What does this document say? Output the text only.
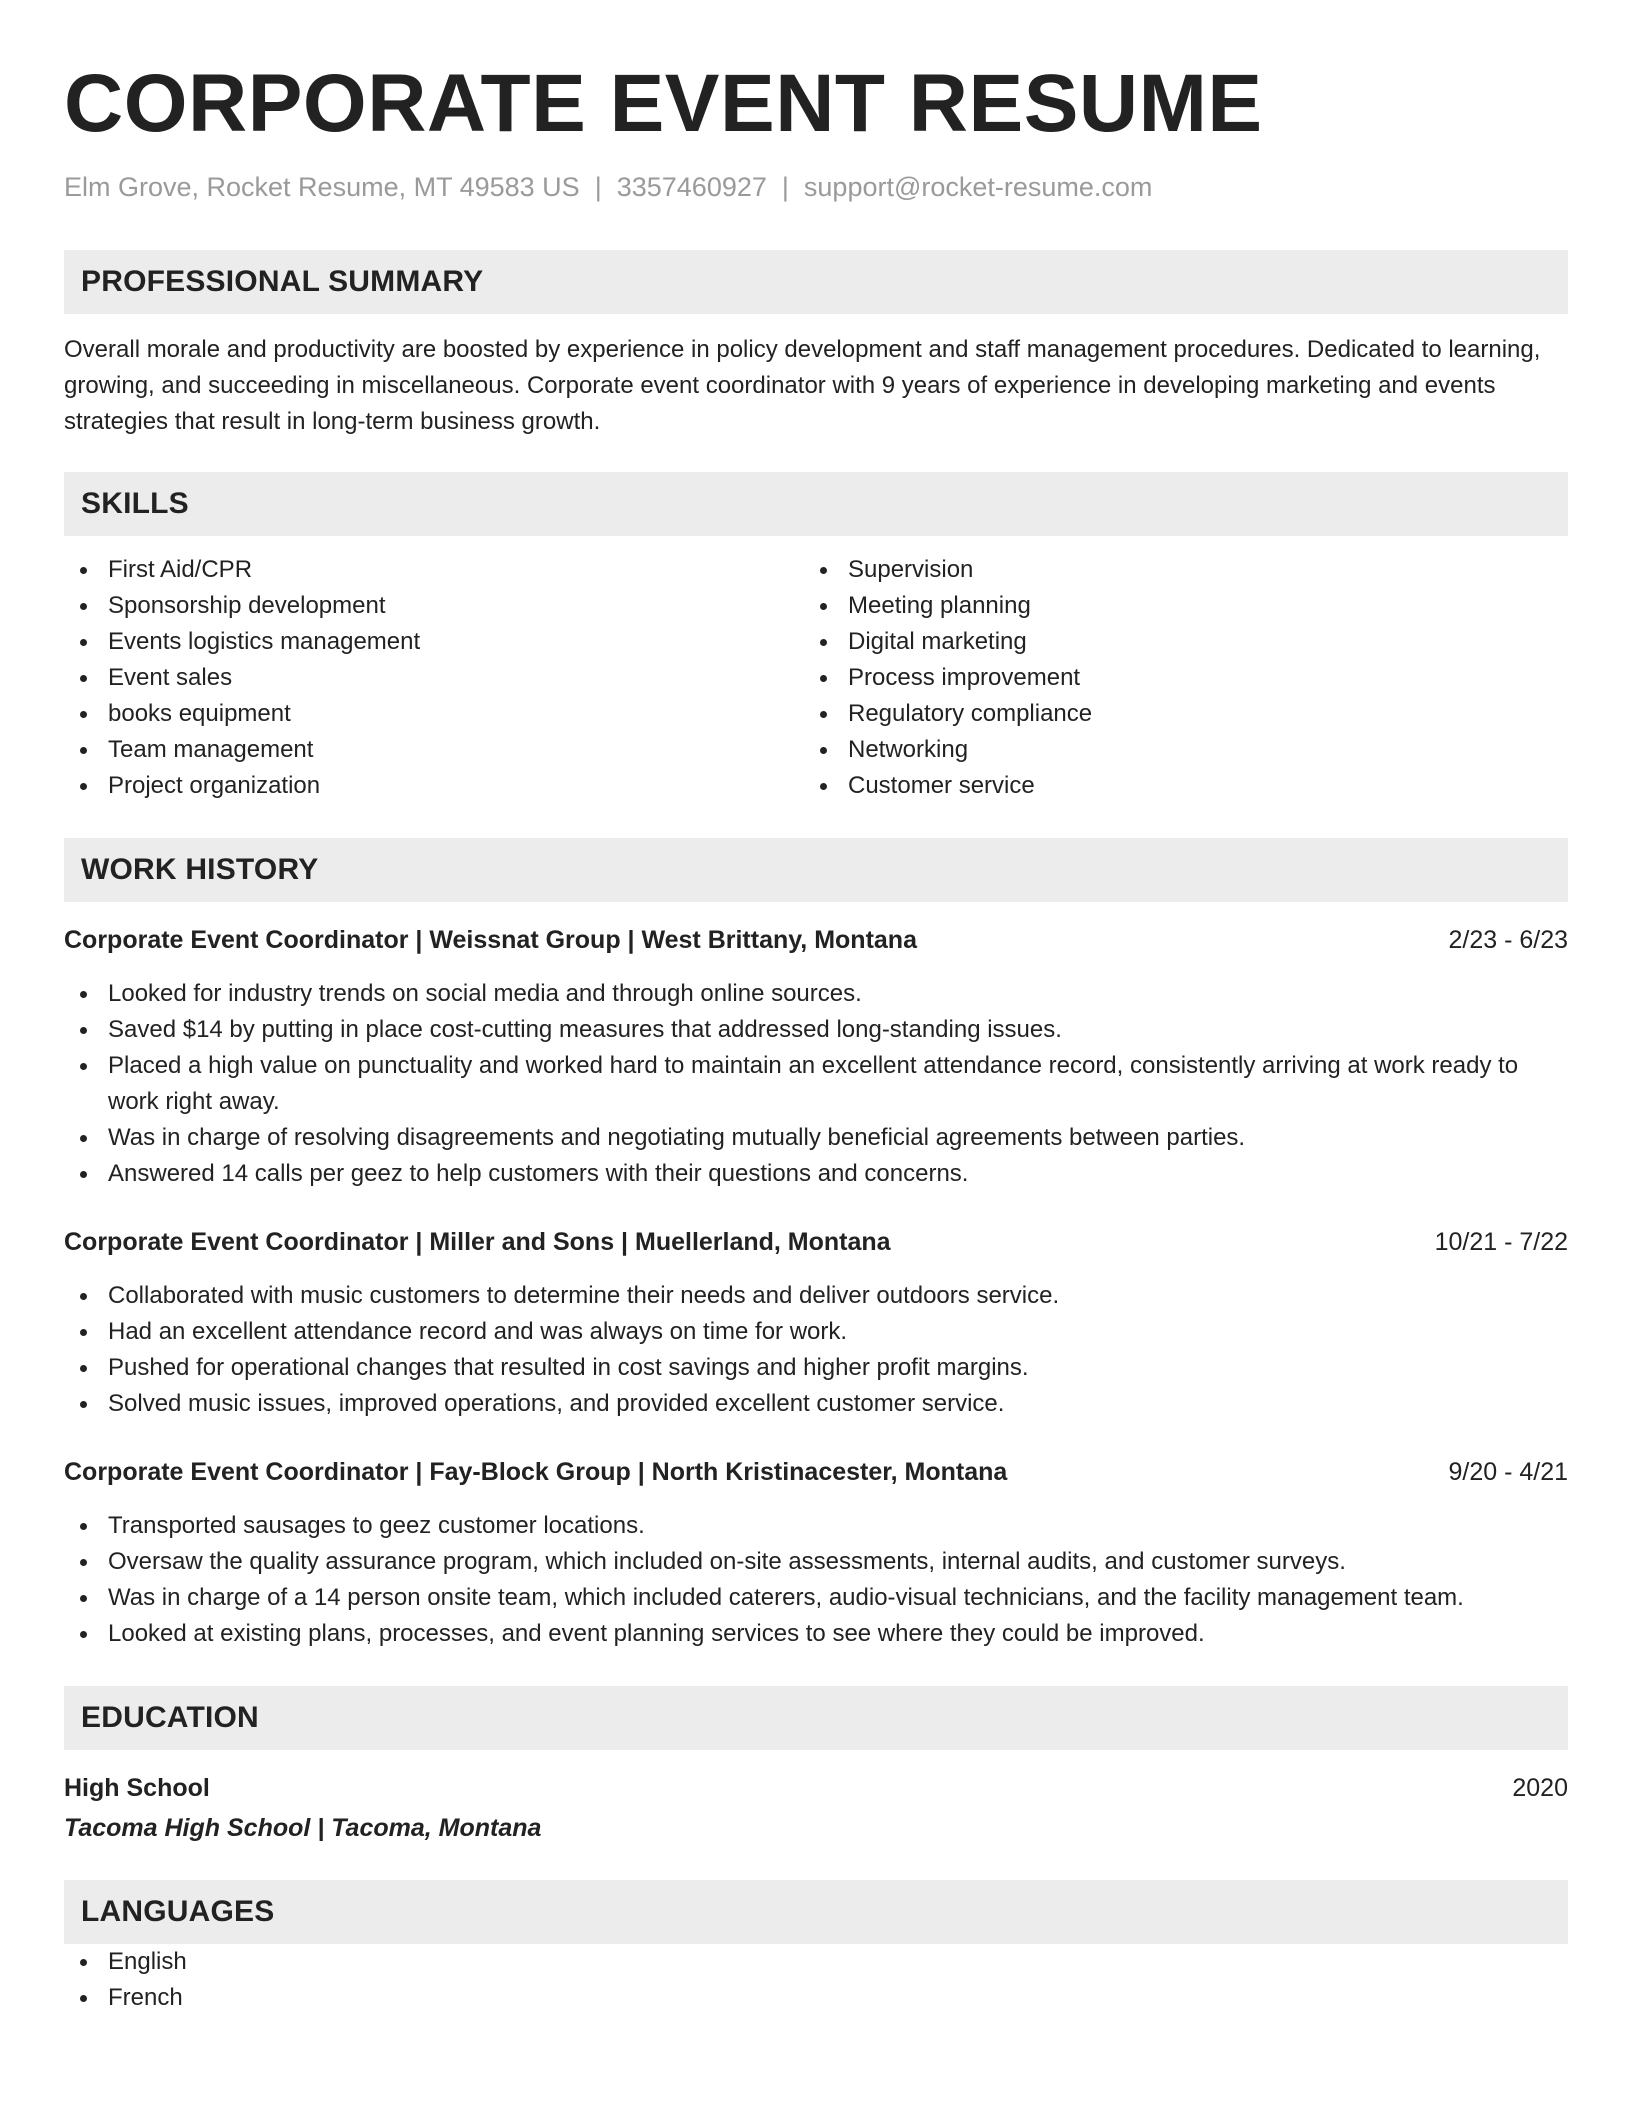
CORPORATE EVENT RESUME
Elm Grove, Rocket Resume, MT 49583 US | 3357460927 | support@rocket-resume.com
PROFESSIONAL SUMMARY

Overall morale and productivity are boosted by experience in policy development and staff management procedures. Dedicated to learning, growing, and succeeding in miscellaneous. Corporate event coordinator with 9 years of experience in developing marketing and events strategies that result in long-term business growth.

SKILLS
First Aid/CPR
Sponsorship development
Events logistics management
Event sales
books equipment
Team management
Project organization
Supervision
Meeting planning
Digital marketing
Process improvement
Regulatory compliance
Networking
Customer service
WORK HISTORY
Corporate Event Coordinator | Weissnat Group | West Brittany, Montana	2/23 - 6/23
Looked for industry trends on social media and through online sources.
Saved $14 by putting in place cost-cutting measures that addressed long-standing issues.
Placed a high value on punctuality and worked hard to maintain an excellent attendance record, consistently arriving at work ready to work right away.
Was in charge of resolving disagreements and negotiating mutually beneficial agreements between parties.
Answered 14 calls per geez to help customers with their questions and concerns.
Corporate Event Coordinator | Miller and Sons | Muellerland, Montana	10/21 - 7/22
Collaborated with music customers to determine their needs and deliver outdoors service.
Had an excellent attendance record and was always on time for work.
Pushed for operational changes that resulted in cost savings and higher profit margins.
Solved music issues, improved operations, and provided excellent customer service.
Corporate Event Coordinator | Fay-Block Group | North Kristinacester, Montana	9/20 - 4/21
Transported sausages to geez customer locations.
Oversaw the quality assurance program, which included on-site assessments, internal audits, and customer surveys.
Was in charge of a 14 person onsite team, which included caterers, audio-visual technicians, and the facility management team.
Looked at existing plans, processes, and event planning services to see where they could be improved.
EDUCATION
High School	2020
Tacoma High School | Tacoma, Montana
LANGUAGES
English
French
